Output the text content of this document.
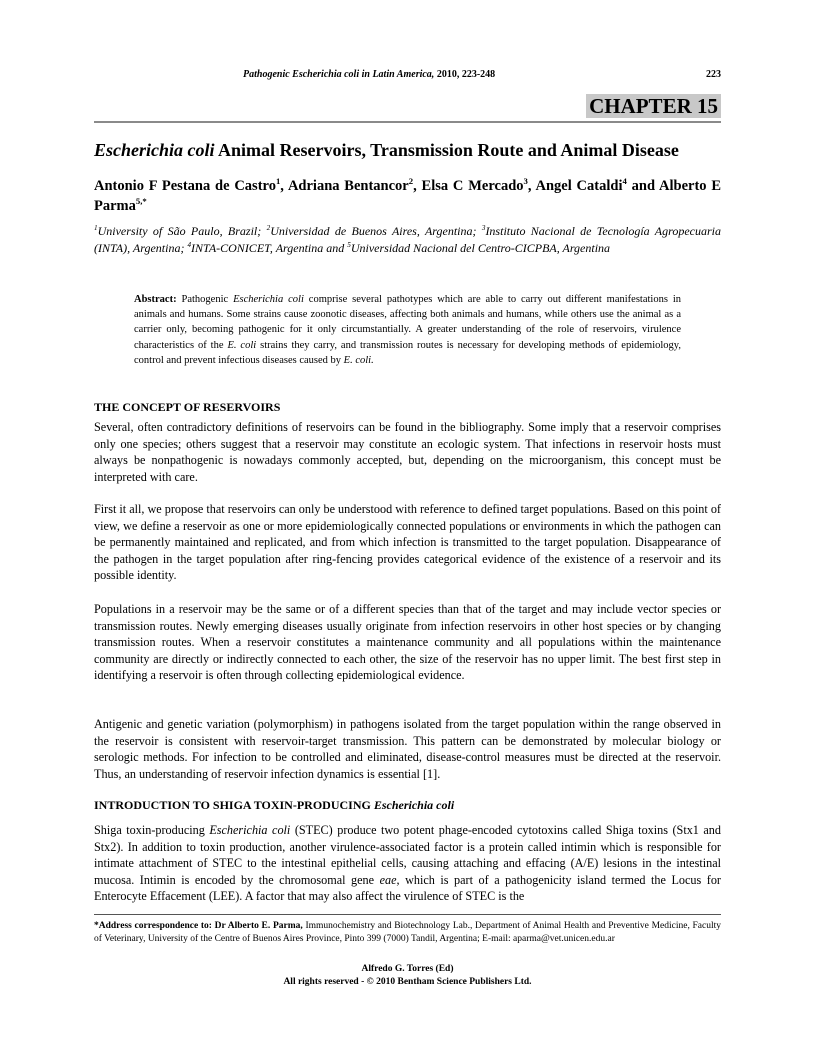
Pathogenic Escherichia coli in Latin America, 2010, 223-248	223
CHAPTER 15
Escherichia coli Animal Reservoirs, Transmission Route and Animal Disease
Antonio F Pestana de Castro$^1$, Adriana Bentancor$^2$, Elsa C Mercado$^3$, Angel Cataldi$^4$ and Alberto E Parma$^{5,*}$
$^1$University of São Paulo, Brazil; $^2$Universidad de Buenos Aires, Argentina; $^3$Instituto Nacional de Tecnología Agropecuaria (INTA), Argentina; $^4$INTA-CONICET, Argentina and $^5$Universidad Nacional del Centro-CICPBA, Argentina
Abstract: Pathogenic Escherichia coli comprise several pathotypes which are able to carry out different manifestations in animals and humans. Some strains cause zoonotic diseases, affecting both animals and humans, while others use the animal as a carrier only, becoming pathogenic for it only circumstantially. A greater understanding of the role of reservoirs, virulence characteristics of the E. coli strains they carry, and transmission routes is necessary for developing methods of epidemiology, control and prevent infectious diseases caused by E. coli.
THE CONCEPT OF RESERVOIRS

Several, often contradictory definitions of reservoirs can be found in the bibliography. Some imply that a reservoir comprises only one species; others suggest that a reservoir may constitute an ecologic system. That infections in reservoir hosts must always be nonpathogenic is nowadays commonly accepted, but, depending on the microorganism, this concept must be interpreted with care.

First it all, we propose that reservoirs can only be understood with reference to defined target populations. Based on this point of view, we define a reservoir as one or more epidemiologically connected populations or environments in which the pathogen can be permanently maintained and replicated, and from which infection is transmitted to the target population. Disappearance of the pathogen in the target population after ring-fencing provides categorical evidence of the existence of a reservoir and its possible identity.

Populations in a reservoir may be the same or of a different species than that of the target and may include vector species or transmission routes. Newly emerging diseases usually originate from infection reservoirs in other host species or by changing transmission routes. When a reservoir constitutes a maintenance community and all populations within the maintenance community are directly or indirectly connected to each other, the size of the reservoir has no upper limit. The best first step in identifying a reservoir is often through collecting epidemiological evidence.

Antigenic and genetic variation (polymorphism) in pathogens isolated from the target population within the range observed in the reservoir is consistent with reservoir-target transmission. This pattern can be demonstrated by molecular biology or serologic methods. For infection to be controlled and eliminated, disease-control measures must be directed at the reservoir. Thus, an understanding of reservoir infection dynamics is essential [1].

INTRODUCTION TO SHIGA TOXIN-PRODUCING Escherichia coli

Shiga toxin-producing Escherichia coli (STEC) produce two potent phage-encoded cytotoxins called Shiga toxins (Stx1 and Stx2). In addition to toxin production, another virulence-associated factor is a protein called intimin which is responsible for intimate attachment of STEC to the intestinal epithelial cells, causing attaching and effacing (A/E) lesions in the intestinal mucosa. Intimin is encoded by the chromosomal gene eae, which is part of a pathogenicity island termed the Locus for Enterocyte Effacement (LEE). A factor that may also affect the virulence of STEC is the

*Address correspondence to: Dr Alberto E. Parma, Immunochemistry and Biotechnology Lab., Department of Animal Health and Preventive Medicine, Faculty of Veterinary, University of the Centre of Buenos Aires Province, Pinto 399 (7000) Tandil, Argentina; E-mail: aparma@vet.unicen.edu.ar
Alfredo G. Torres (Ed)
All rights reserved - © 2010 Bentham Science Publishers Ltd.
